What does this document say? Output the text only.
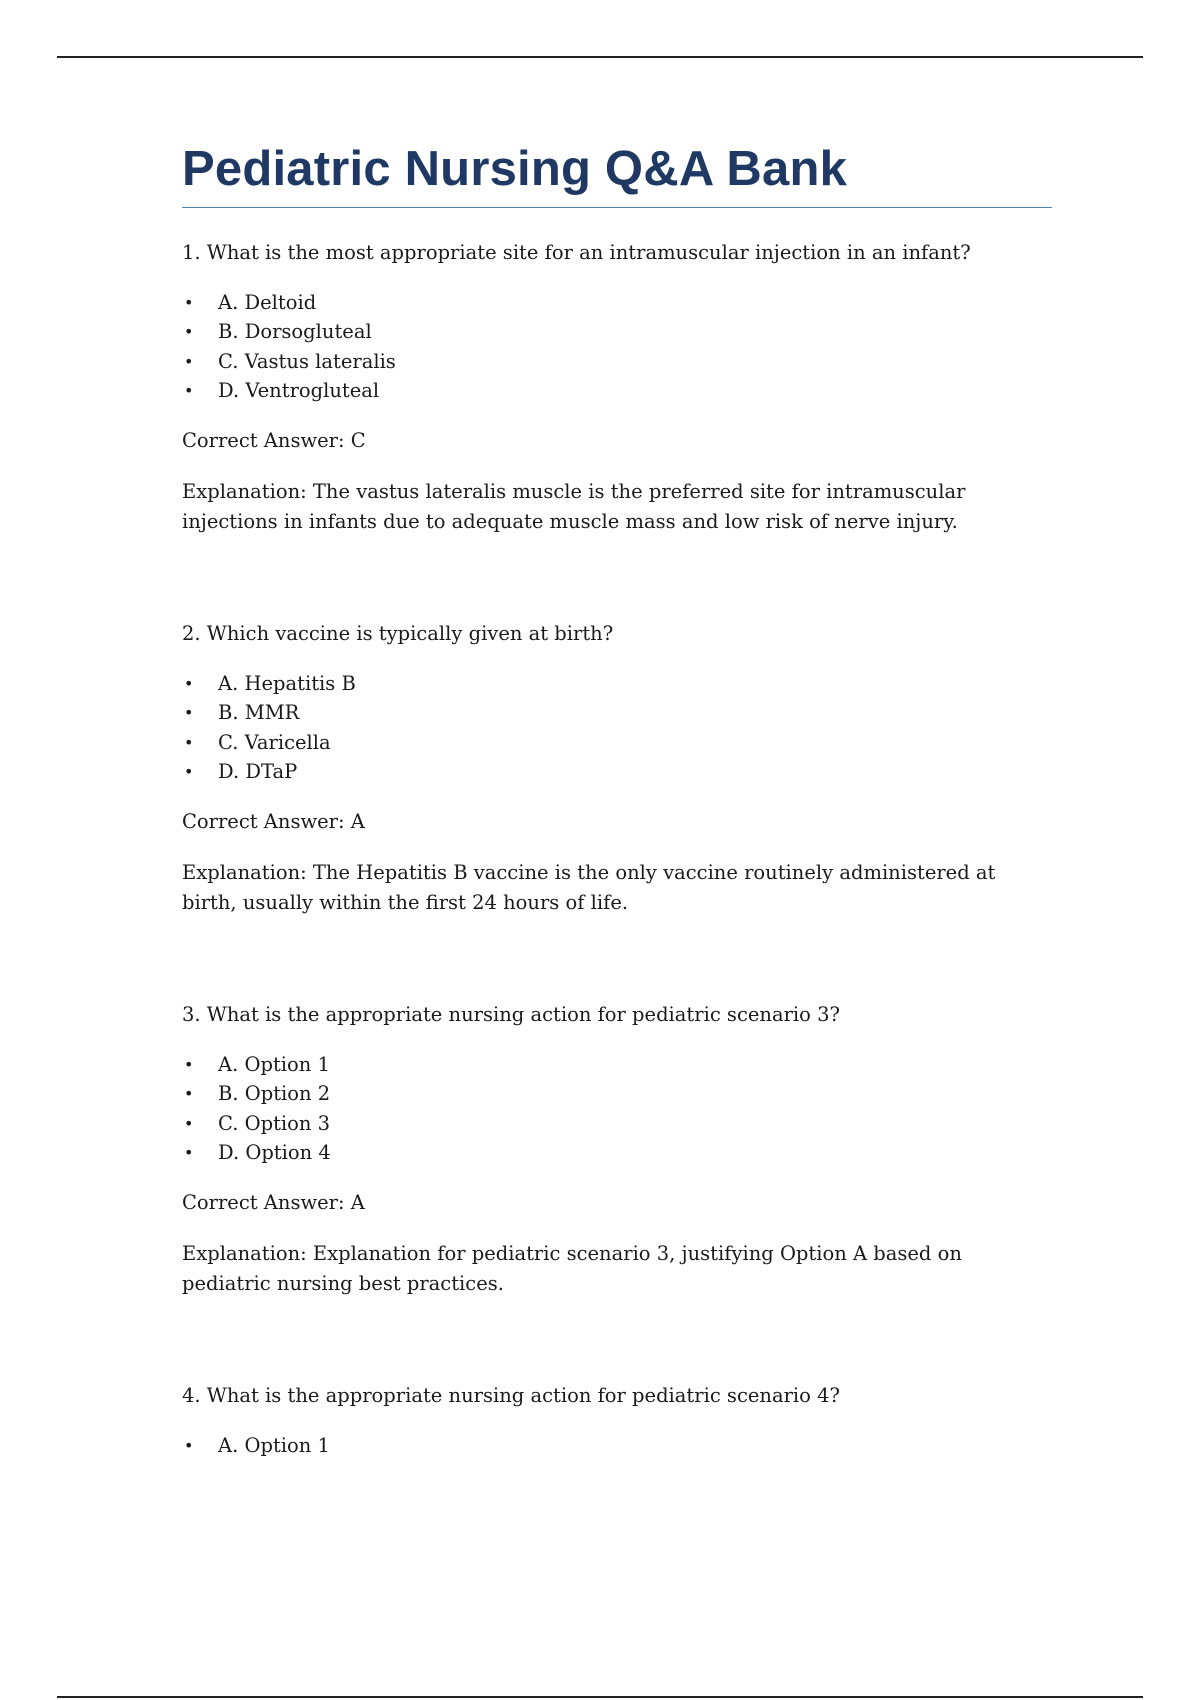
Pediatric Nursing Q&A Bank

1. What is the most appropriate site for an intramuscular injection in an infant?

• A. Deltoid
• B. Dorsogluteal
• C. Vastus lateralis
• D. Ventrogluteal

Correct Answer: C

Explanation: The vastus lateralis muscle is the preferred site for intramuscular injections in infants due to adequate muscle mass and low risk of nerve injury.

2. Which vaccine is typically given at birth?

• A. Hepatitis B
• B. MMR
• C. Varicella
• D. DTaP

Correct Answer: A

Explanation: The Hepatitis B vaccine is the only vaccine routinely administered at birth, usually within the first 24 hours of life.

3. What is the appropriate nursing action for pediatric scenario 3?

• A. Option 1
• B. Option 2
• C. Option 3
• D. Option 4

Correct Answer: A

Explanation: Explanation for pediatric scenario 3, justifying Option A based on pediatric nursing best practices.

4. What is the appropriate nursing action for pediatric scenario 4?

• A. Option 1
